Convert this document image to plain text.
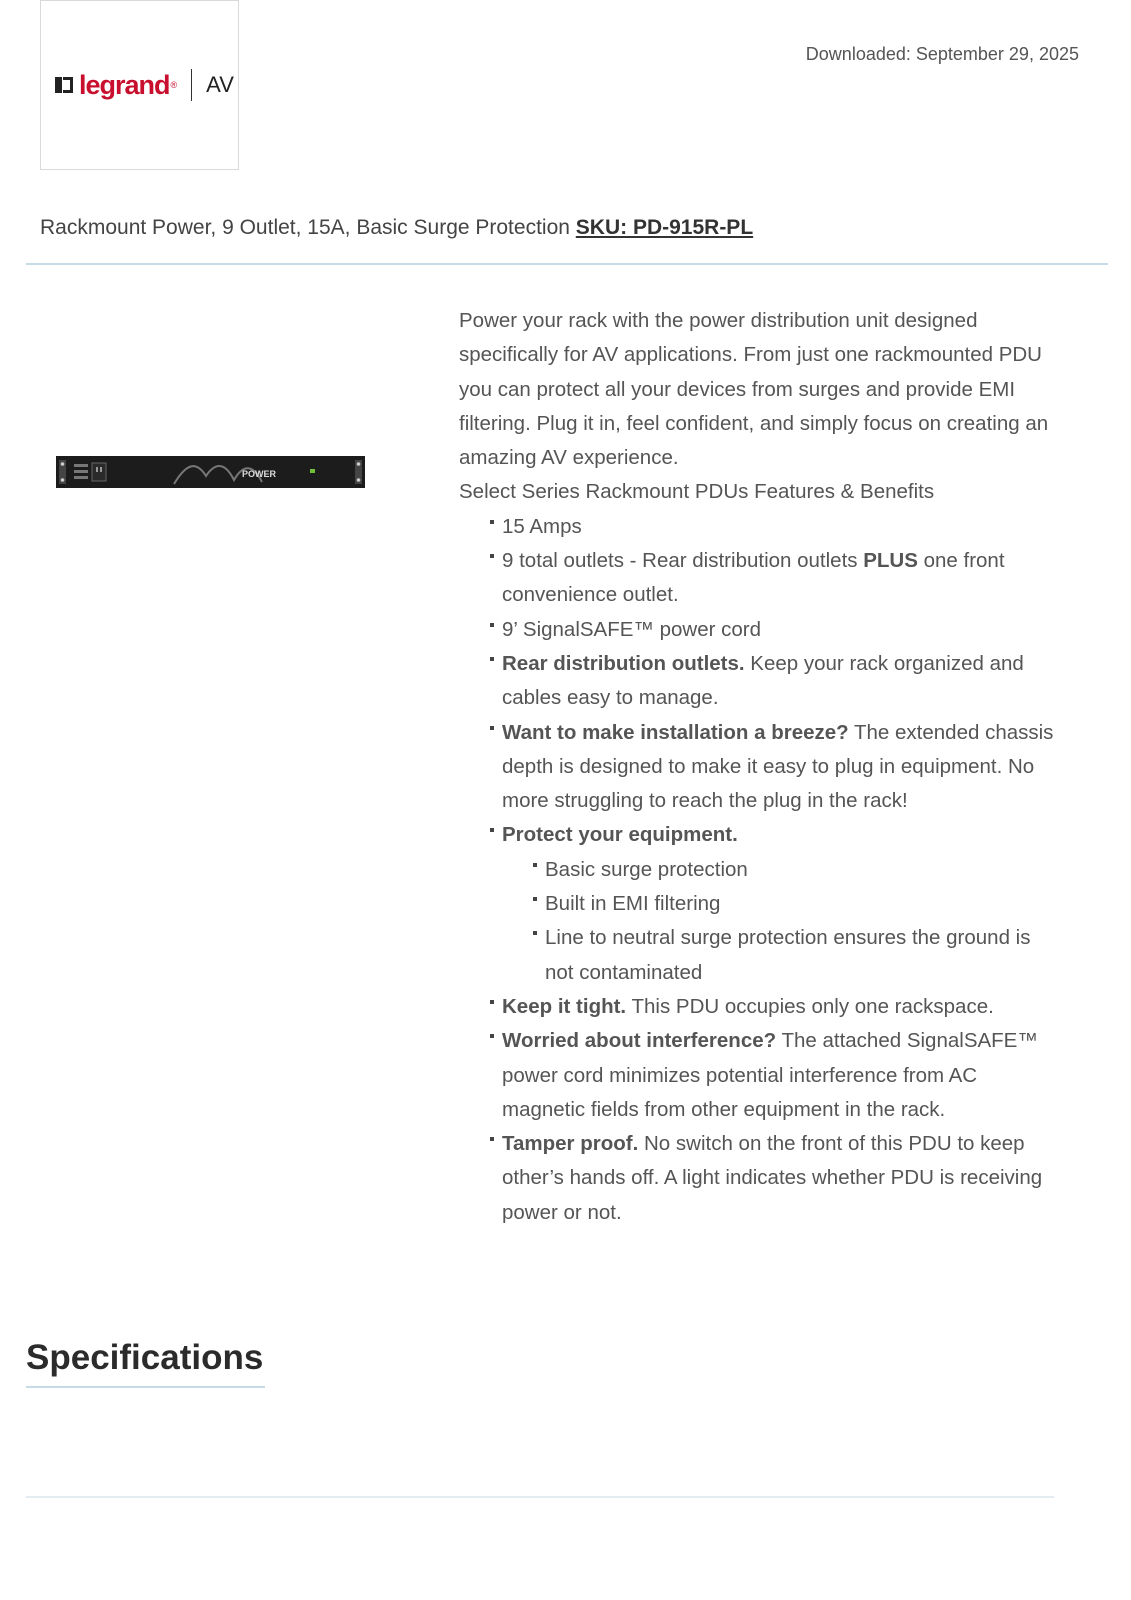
legrand ® AV
Downloaded: September 29, 2025
Rackmount Power, 9 Outlet, 15A, Basic Surge Protection SKU: PD-915R-PL
POWER

Power your rack with the power distribution unit designed specifically for AV applications. From just one rackmounted PDU you can protect all your devices from surges and provide EMI filtering. Plug it in, feel confident, and simply focus on creating an amazing AV experience.

Select Series Rackmount PDUs Features & Benefits

15 Amps
9 total outlets - Rear distribution outlets PLUS one front convenience outlet.
9’ SignalSAFE™ power cord
Rear distribution outlets. Keep your rack organized and cables easy to manage.
Want to make installation a breeze? The extended chassis depth is designed to make it easy to plug in equipment. No more struggling to reach the plug in the rack!
Protect your equipment.
Basic surge protection
Built in EMI filtering
Line to neutral surge protection ensures the ground is not contaminated
Keep it tight. This PDU occupies only one rackspace.
Worried about interference? The attached SignalSAFE™ power cord minimizes potential interference from AC magnetic fields from other equipment in the rack.
Tamper proof. No switch on the front of this PDU to keep other’s hands off. A light indicates whether PDU is receiving power or not.
Specifications
